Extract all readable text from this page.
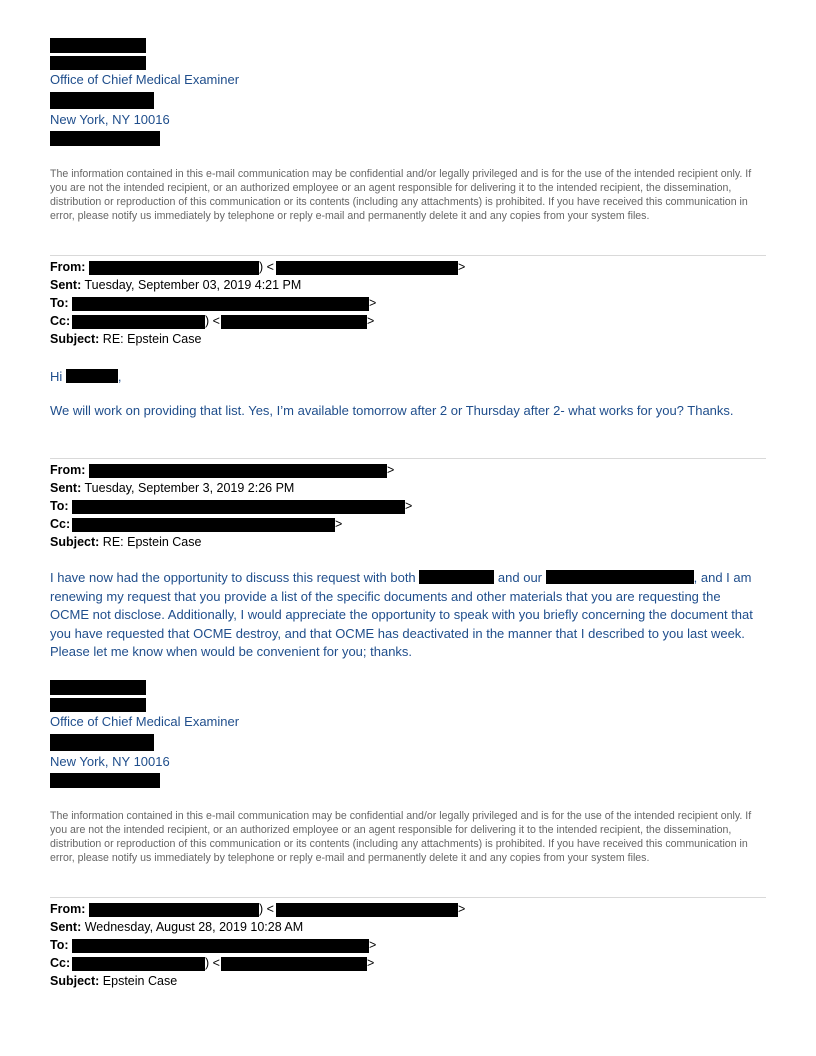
Office of Chief Medical Examiner
New York, NY 10016
The information contained in this e-mail communication may be confidential and/or legally privileged and is for the use of the intended recipient only. If you are not the intended recipient, or an authorized employee or an agent responsible for delivering it to the intended recipient, the dissemination, distribution or reproduction of this communication or its contents (including any attachments) is prohibited. If you have received this communication in error, please notify us immediately by telephone or reply e-mail and permanently delete it and any copies from your system files.
From:	) <	>
Sent: Tuesday, September 03, 2019 4:21 PM
To:	>
Cc:	) <	>
Subject: RE: Epstein Case
Hi	,
We will work on providing that list. Yes, I’m available tomorrow after 2 or Thursday after 2- what works for you? Thanks.
From:	>
Sent: Tuesday, September 3, 2019 2:26 PM
To:	>
Cc:	>
Subject: RE: Epstein Case
I have now had the opportunity to discuss this request with both	and our	, and I am renewing my request that you provide a list of the specific documents and other materials that you are requesting the OCME not disclose. Additionally, I would appreciate the opportunity to speak with you briefly concerning the document that you have requested that OCME destroy, and that OCME has deactivated in the manner that I described to you last week. Please let me know when would be convenient for you; thanks.
Office of Chief Medical Examiner
New York, NY 10016
The information contained in this e-mail communication may be confidential and/or legally privileged and is for the use of the intended recipient only. If you are not the intended recipient, or an authorized employee or an agent responsible for delivering it to the intended recipient, the dissemination, distribution or reproduction of this communication or its contents (including any attachments) is prohibited. If you have received this communication in error, please notify us immediately by telephone or reply e-mail and permanently delete it and any copies from your system files.
From:	) <	>
Sent: Wednesday, August 28, 2019 10:28 AM
To:	>
Cc:	) <	>
Subject: Epstein Case
